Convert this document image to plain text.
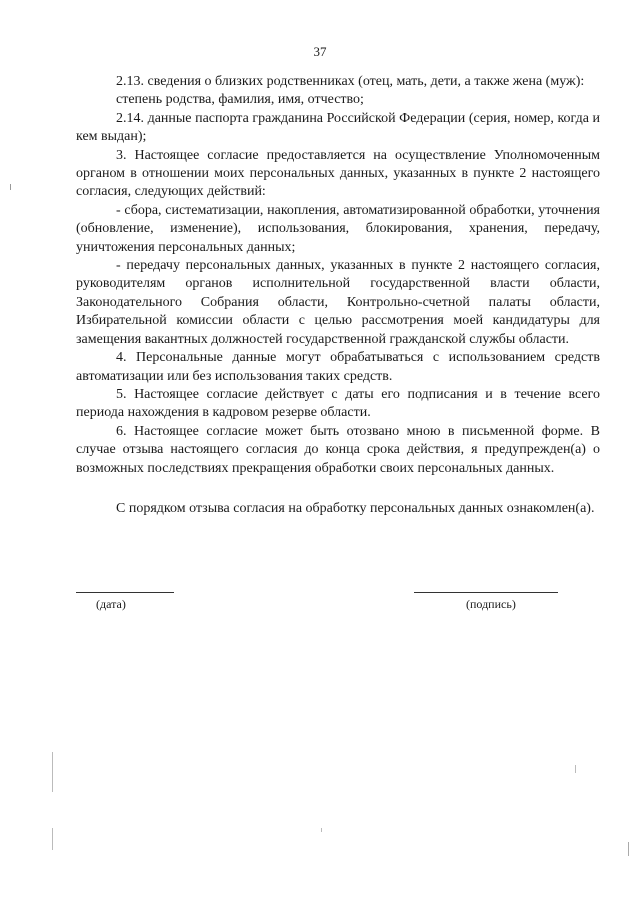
37

2.13. сведения о близких родственниках (отец, мать, дети, а также жена (муж):

степень родства, фамилия, имя, отчество;

2.14. данные паспорта гражданина Российской Федерации (серия, номер, когда и кем выдан);

3. Настоящее согласие предоставляется на осуществление Уполномоченным органом в отношении моих персональных данных, указанных в пункте 2 настоящего согласия, следующих действий:

- сбора, систематизации, накопления, автоматизированной обработки, уточнения (обновление, изменение), использования, блокирования, хранения, передачу, уничтожения персональных данных;

- передачу персональных данных, указанных в пункте 2 настоящего согласия, руководителям органов исполнительной государственной власти области, Законодательного Собрания области, Контрольно-счетной палаты области, Избирательной комиссии области с целью рассмотрения моей кандидатуры для замещения вакантных должностей государственной гражданской службы области.

4. Персональные данные могут обрабатываться с использованием средств автоматизации или без использования таких средств.

5. Настоящее согласие действует с даты его подписания и в течение всего периода нахождения в кадровом резерве области.

6. Настоящее согласие может быть отозвано мною в письменной форме. В случае отзыва настоящего согласия до конца срока действия, я предупрежден(а) о возможных последствиях прекращения обработки своих персональных данных.

С порядком отзыва согласия на обработку персональных данных ознакомлен(а).

(дата)	(подпись)
